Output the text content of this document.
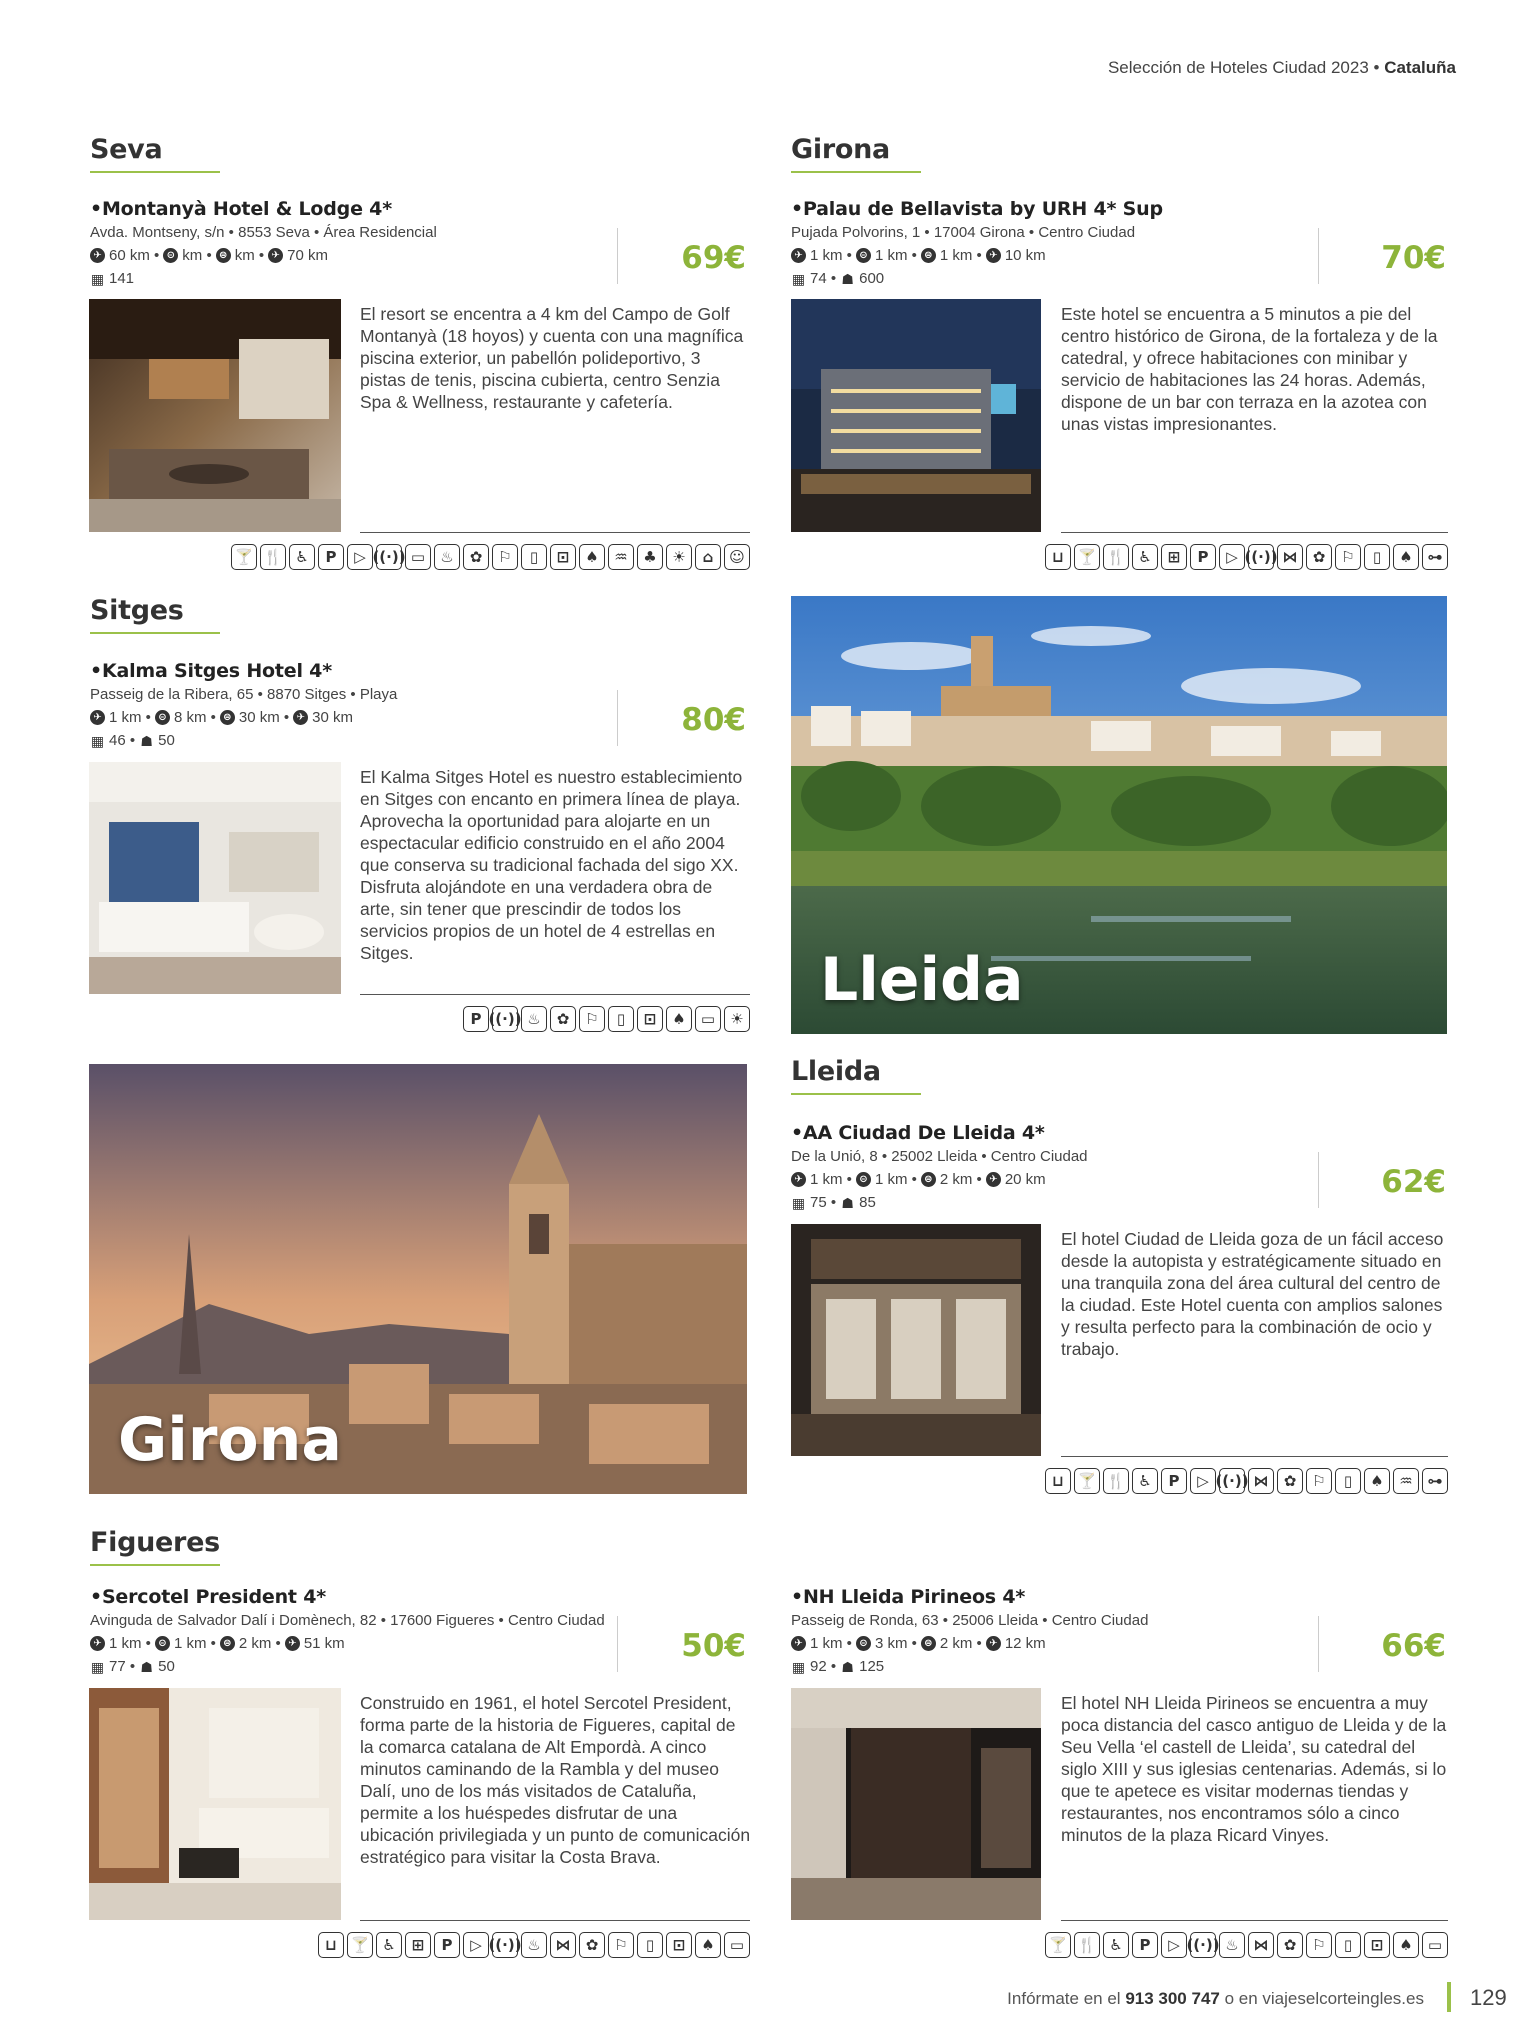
Selección de Hoteles Ciudad 2023 • Cataluña
Seva
•Montanyà Hotel & Lodge 4*
Avda. Montseny, s/n • 8553 Seva • Área Residencial
✈ 60 km • ⊝ km • ⊜ km • ✈ 70 km
▦ 141
69€
El resort se encentra a 4 km del Campo de Golf Montanyà (18 hoyos) y cuenta con una magnífica piscina exterior, un pabellón polideportivo, 3 pistas de tenis, piscina cubierta, centro Senzia Spa & Wellness, restaurante y cafetería.
🍸 🍴 ♿	P	▷ ((·)) ▭	♨	✿	⚐	▯	⊡	♠	♒	♣	☀	⌂	☺
Girona
•Palau de Bellavista by URH 4* Sup
Pujada Polvorins, 1 • 17004 Girona • Centro Ciudad
✈ 1 km • ⊝ 1 km • ⊜ 1 km • ✈ 10 km
▦ 74 • ☗ 600
70€
Este hotel se encuentra a 5 minutos a pie del centro histórico de Girona, de la fortaleza y de la catedral, y ofrece habitaciones con minibar y servicio de habitaciones las 24 horas. Además, dispone de un bar con terraza en la azotea con unas vistas impresionantes.
⊔ 🍸 🍴 ♿	⊞	P	▷ ((·)) ⋈	✿	⚐	▯	♠ ⊶
Sitges
•Kalma Sitges Hotel 4*
Passeig de la Ribera, 65 • 8870 Sitges • Playa
✈ 1 km • ⊝ 8 km • ⊜ 30 km • ✈ 30 km
▦ 46 • ☗ 50
80€
El Kalma Sitges Hotel es nuestro establecimiento en Sitges con encanto en primera línea de playa. Aprovecha la oportunidad para alojarte en un espectacular edificio construido en el año 2004 que conserva su tradicional fachada del sigo XX. Disfruta alojándote en una verdadera obra de arte, sin tener que prescindir de todos los servicios propios de un hotel de 4 estrellas en Sitges.
P ((·)) ♨	✿	⚐	▯	⊡	♠	▭	☀
Lleida
Girona
Lleida
•AA Ciudad De Lleida 4*
De la Unió, 8 • 25002 Lleida • Centro Ciudad
✈ 1 km • ⊝ 1 km • ⊜ 2 km • ✈ 20 km
▦ 75 • ☗ 85
62€
El hotel Ciudad de Lleida goza de un fácil acceso desde la autopista y estratégicamente situado en una tranquila zona del área cultural del centro de la ciudad. Este Hotel cuenta con amplios salones y resulta perfecto para la combinación de ocio y trabajo.
⊔ 🍸 🍴 ♿	P	▷ ((·)) ⋈	✿	⚐	▯	♠	♒ ⊶
Figueres
•Sercotel President 4*
Avinguda de Salvador Dalí i Domènech, 82 • 17600 Figueres • Centro Ciudad
✈ 1 km • ⊝ 1 km • ⊜ 2 km • ✈ 51 km
▦ 77 • ☗ 50
50€
Construido en 1961, el hotel Sercotel President, forma parte de la historia de Figueres, capital de la comarca catalana de Alt Empordà. A cinco minutos caminando de la Rambla y del museo Dalí, uno de los más visitados de Cataluña, permite a los huéspedes disfrutar de una ubicación privilegiada y un punto de comunicación estratégico para visitar la Costa Brava.
⊔ 🍸 ♿	⊞	P	▷ ((·)) ♨ ⋈	✿	⚐	▯	⊡	♠	▭
•NH Lleida Pirineos 4*
Passeig de Ronda, 63 • 25006 Lleida • Centro Ciudad
✈ 1 km • ⊝ 3 km • ⊜ 2 km • ✈ 12 km
▦ 92 • ☗ 125
66€
El hotel NH Lleida Pirineos se encuentra a muy poca distancia del casco antiguo de Lleida y de la Seu Vella ‘el castell de Lleida’, su catedral del siglo XIII y sus iglesias centenarias. Además, si lo que te apetece es visitar modernas tiendas y restaurantes, nos encontramos sólo a cinco minutos de la plaza Ricard Vinyes.
🍸 🍴 ♿	P	▷ ((·)) ♨ ⋈	✿	⚐	▯	⊡	♠	▭
Infórmate en el 913 300 747 o en viajeselcorteingles.es 129
